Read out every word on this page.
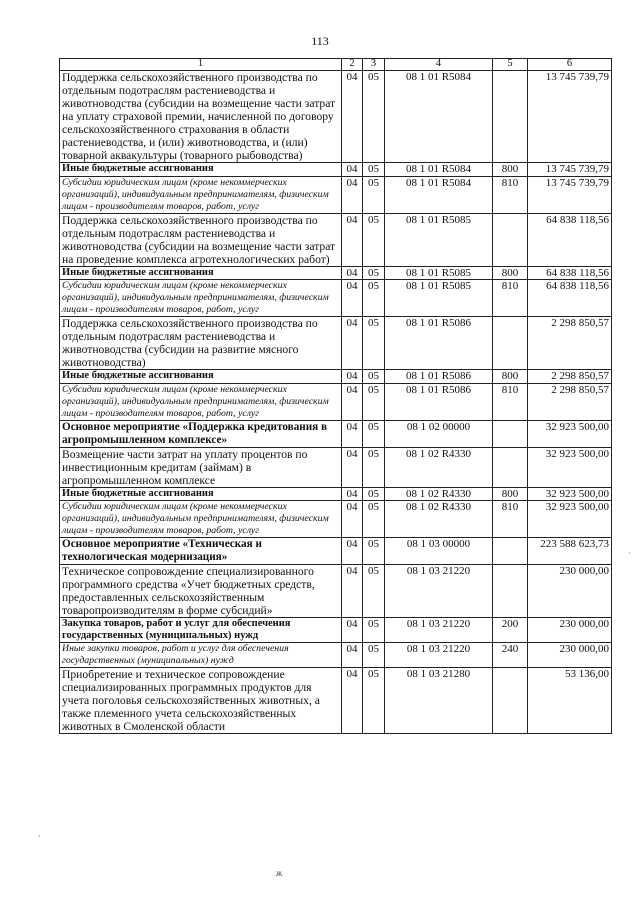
113
1	2	3	4	5	6
Поддержка сельскохозяйственного производства по отдельным подотраслям растениеводства и животноводства (субсидии на возмещение части затрат на уплату страховой премии, начисленной по договору сельскохозяйственного страхования в области растениеводства, и (или) животноводства, и (или) товарной аквакультуры (товарного рыбоводства)	04	05	08 1 01 R5084		13 745 739,79
Иные бюджетные ассигнования	04	05	08 1 01 R5084	800	13 745 739,79
Субсидии юридическим лицам (кроме некоммерческих организаций), индивидуальным предпринимателям, физическим лицам - производителям товаров, работ, услуг	04	05	08 1 01 R5084	810	13 745 739,79
Поддержка сельскохозяйственного производства по отдельным подотраслям растениеводства и животноводства (субсидии на возмещение части затрат на проведение комплекса агротехнологических работ)	04	05	08 1 01 R5085		64 838 118,56
Иные бюджетные ассигнования	04	05	08 1 01 R5085	800	64 838 118,56
Субсидии юридическим лицам (кроме некоммерческих организаций), индивидуальным предпринимателям, физическим лицам - производителям товаров, работ, услуг	04	05	08 1 01 R5085	810	64 838 118,56
Поддержка сельскохозяйственного производства по отдельным подотраслям растениеводства и животноводства (субсидии на развитие мясного животноводства)	04	05	08 1 01 R5086		2 298 850,57
Иные бюджетные ассигнования	04	05	08 1 01 R5086	800	2 298 850,57
Субсидии юридическим лицам (кроме некоммерческих организаций), индивидуальным предпринимателям, физическим лицам - производителям товаров, работ, услуг	04	05	08 1 01 R5086	810	2 298 850,57
Основное мероприятие «Поддержка кредитования в агропромышленном комплексе»	04	05	08 1 02 00000		32 923 500,00
Возмещение части затрат на уплату процентов по инвестиционным кредитам (займам) в агропромышленном комплексе	04	05	08 1 02 R4330		32 923 500,00
Иные бюджетные ассигнования	04	05	08 1 02 R4330	800	32 923 500,00
Субсидии юридическим лицам (кроме некоммерческих организаций), индивидуальным предпринимателям, физическим лицам - производителям товаров, работ, услуг	04	05	08 1 02 R4330	810	32 923 500,00
Основное мероприятие «Техническая и технологическая модернизация»	04	05	08 1 03 00000		223 588 623,73
Техническое сопровождение специализированного программного средства «Учет бюджетных средств, предоставленных сельскохозяйственным товаропроизводителям в форме субсидий»	04	05	08 1 03 21220		230 000,00
Закупка товаров, работ и услуг для обеспечения государственных (муниципальных) нужд	04	05	08 1 03 21220	200	230 000,00
Иные закупки товаров, работ и услуг для обеспечения государственных (муниципальных) нужд	04	05	08 1 03 21220	240	230 000,00
Приобретение и техническое сопровождение специализированных программных продуктов для учета поголовья сельскохозяйственных животных, а также племенного учета сельскохозяйственных животных в Смоленской области	04	05	08 1 03 21280		53 136,00
ж
·
,
